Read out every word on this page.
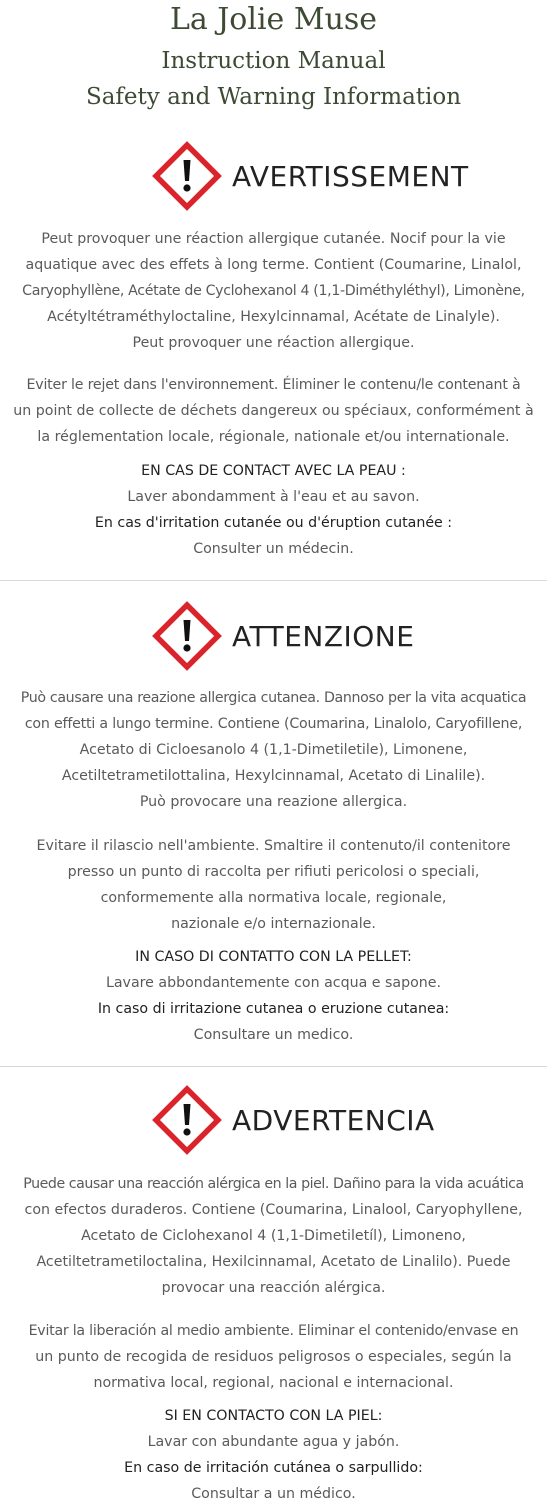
La Jolie Muse
Instruction Manual
Safety and Warning Information
AVERTISSEMENT
Peut provoquer une réaction allergique cutanée. Nocif pour la vie
aquatique avec des effets à long terme. Contient (Coumarine, Linalol,
Caryophyllène, Acétate de Cyclohexanol 4 (1,1-Diméthyléthyl), Limonène,
Acétyltétraméthyloctaline, Hexylcinnamal, Acétate de Linalyle).
Peut provoquer une réaction allergique.
Eviter le rejet dans l'environnement. Éliminer le contenu/le contenant à
un point de collecte de déchets dangereux ou spéciaux, conformément à
la réglementation locale, régionale, nationale et/ou internationale.
EN CAS DE CONTACT AVEC LA PEAU :
Laver abondamment à l'eau et au savon.
En cas d'irritation cutanée ou d'éruption cutanée :
Consulter un médecin.
ATTENZIONE
Può causare una reazione allergica cutanea. Dannoso per la vita acquatica
con effetti a lungo termine. Contiene (Coumarina, Linalolo, Caryofillene,
Acetato di Cicloesanolo 4 (1,1-Dimetiletile), Limonene,
Acetiltetrametilottalina, Hexylcinnamal, Acetato di Linalile).
Può provocare una reazione allergica.
Evitare il rilascio nell'ambiente. Smaltire il contenuto/il contenitore
presso un punto di raccolta per rifiuti pericolosi o speciali,
conformemente alla normativa locale, regionale,
nazionale e/o internazionale.
IN CASO DI CONTATTO CON LA PELLET:
Lavare abbondantemente con acqua e sapone.
In caso di irritazione cutanea o eruzione cutanea:
Consultare un medico.
ADVERTENCIA
Puede causar una reacción alérgica en la piel. Dañino para la vida acuática
con efectos duraderos. Contiene (Coumarina, Linalool, Caryophyllene,
Acetato de Ciclohexanol 4 (1,1-Dimetiletíl), Limoneno,
Acetiltetrametiloctalina, Hexilcinnamal, Acetato de Linalilo). Puede
provocar una reacción alérgica.
Evitar la liberación al medio ambiente. Eliminar el contenido/envase en
un punto de recogida de residuos peligrosos o especiales, según la
normativa local, regional, nacional e internacional.
SI EN CONTACTO CON LA PIEL:
Lavar con abundante agua y jabón.
En caso de irritación cutánea o sarpullido:
Consultar a un médico.
